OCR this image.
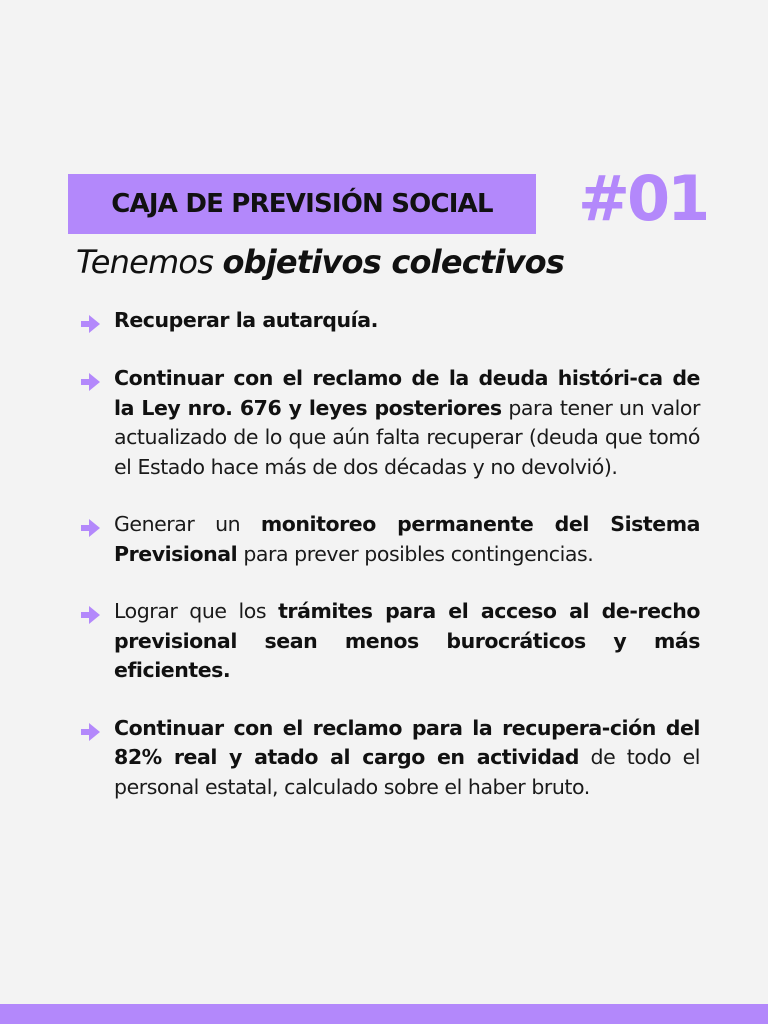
CAJA DE PREVISIÓN SOCIAL #01
Tenemos objetivos colectivos
Recuperar la autarquía.
Continuar con el reclamo de la deuda históri-ca de la Ley nro. 676 y leyes posteriores para tener un valor actualizado de lo que aún falta recuperar (deuda que tomó el Estado hace más de dos décadas y no devolvió).
Generar un monitoreo permanente del Sistema Previsional para prever posibles contingencias.
Lograr que los trámites para el acceso al de-recho previsional sean menos burocráticos y más eficientes.
Continuar con el reclamo para la recupera-ción del 82% real y atado al cargo en actividad de todo el personal estatal, calculado sobre el haber bruto.
